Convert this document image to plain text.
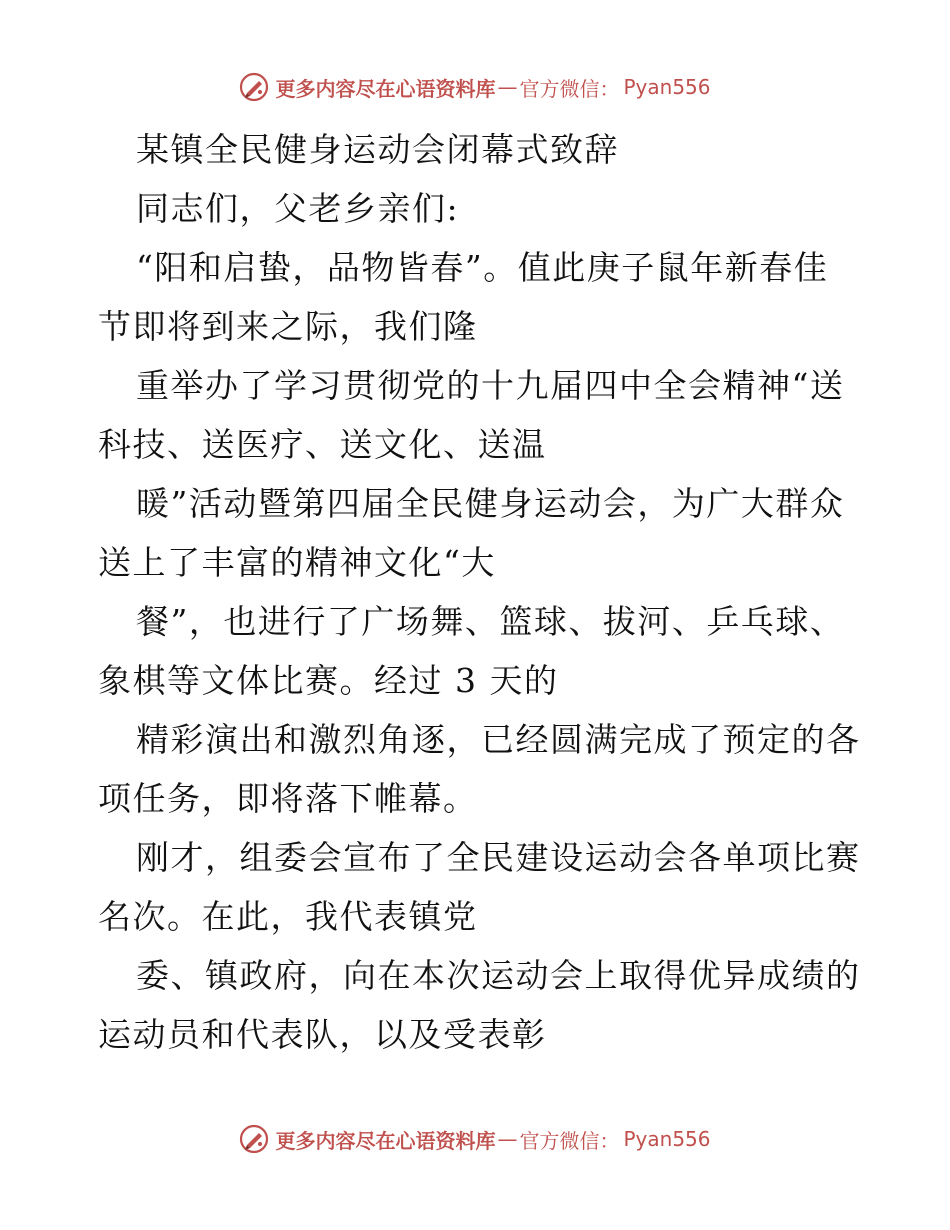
更多内容尽在心语资料库 — 官方微信： Pyan556
某镇全民健身运动会闭幕式致辞
同志们，父老乡亲们:
“阳和启蛰，品物皆春”。值此庚子鼠年新春佳
节即将到来之际，我们隆
重举办了学习贯彻党的十九届四中全会精神“送
科技、送医疗、送文化、送温
暖”活动暨第四届全民健身运动会，为广大群众
送上了丰富的精神文化“大
餐”，也进行了广场舞、篮球、拔河、乒乓球、
象棋等文体比赛。经过 3 天的
精彩演出和激烈角逐，已经圆满完成了预定的各
项任务，即将落下帷幕。
刚才，组委会宣布了全民建设运动会各单项比赛
名次。在此，我代表镇党
委、镇政府，向在本次运动会上取得优异成绩的
运动员和代表队，以及受表彰
更多内容尽在心语资料库 — 官方微信： Pyan556
